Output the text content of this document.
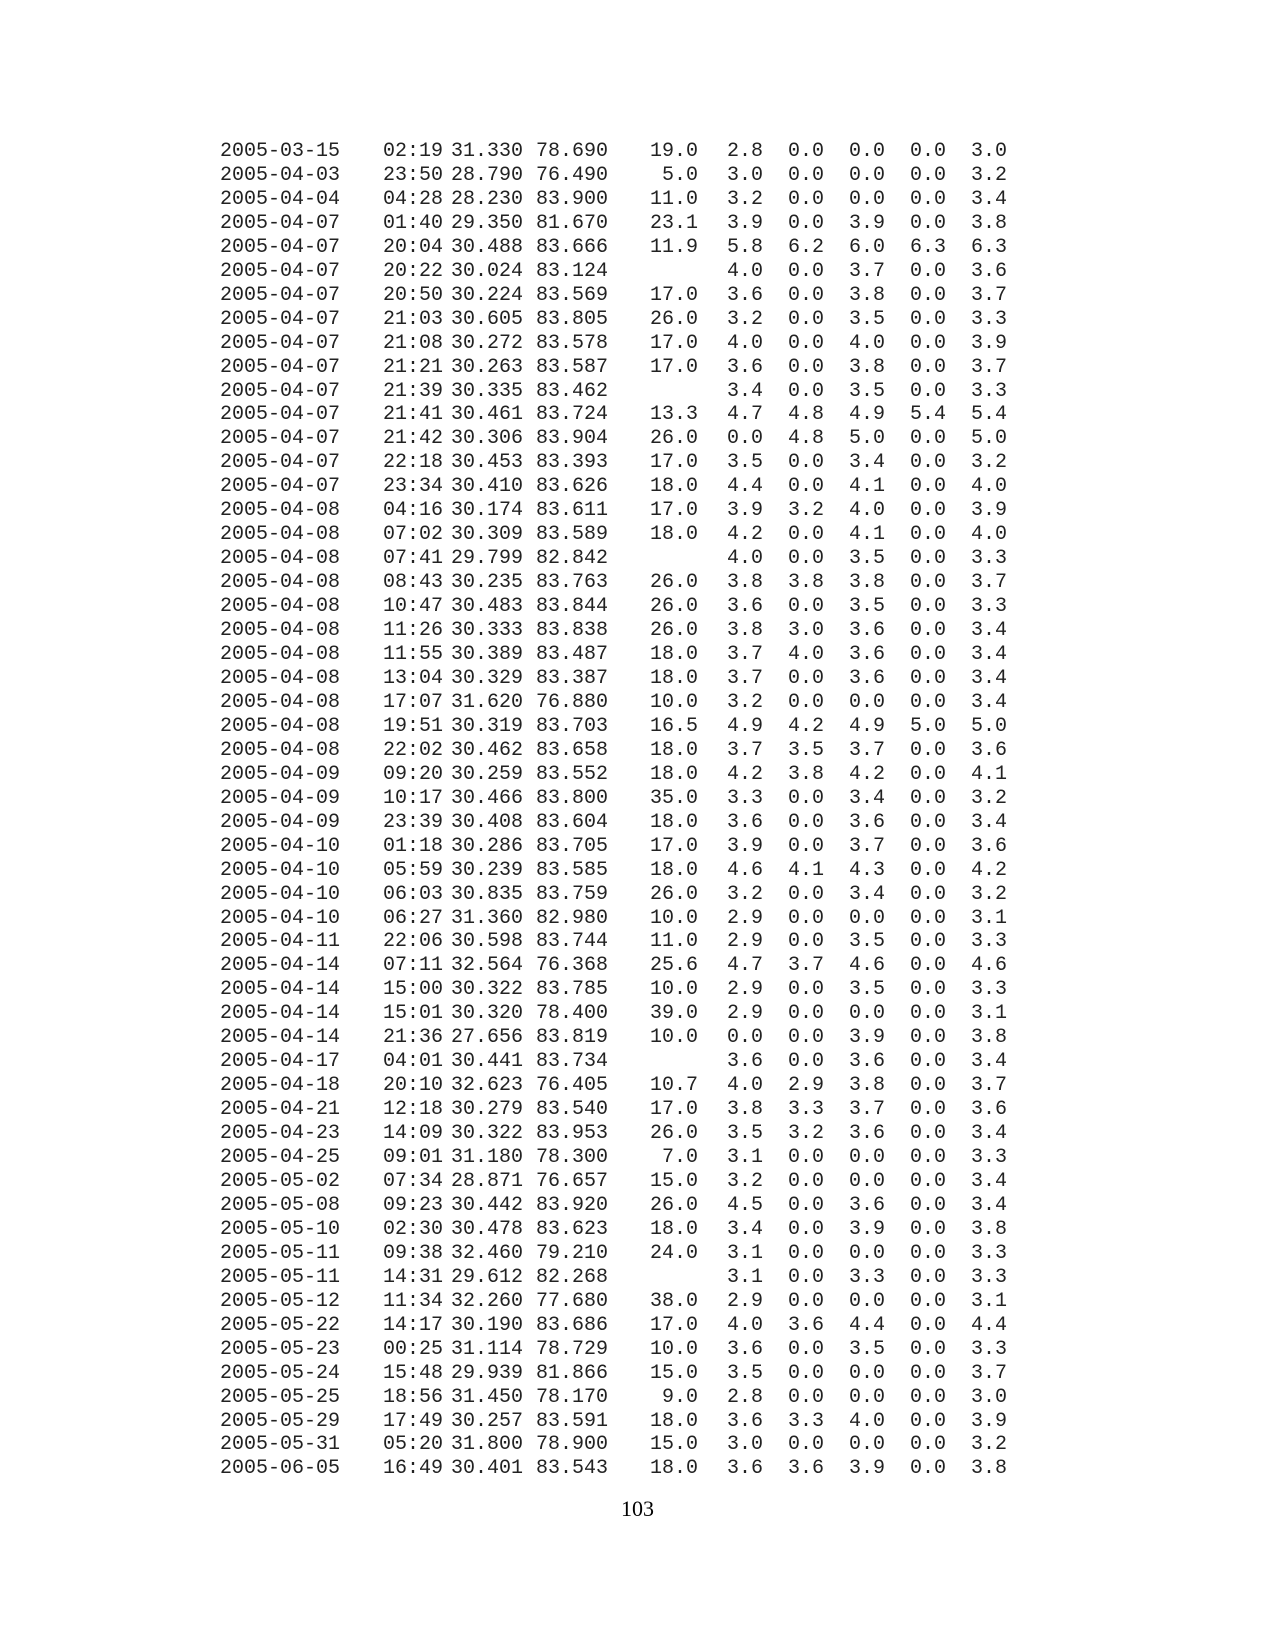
2005-03-15	02:19	31.330	78.690	19.0	2.8	0.0	0.0	0.0	3.0
2005-04-03	23:50	28.790	76.490	5.0	3.0	0.0	0.0	0.0	3.2
2005-04-04	04:28	28.230	83.900	11.0	3.2	0.0	0.0	0.0	3.4
2005-04-07	01:40	29.350	81.670	23.1	3.9	0.0	3.9	0.0	3.8
2005-04-07	20:04	30.488	83.666	11.9	5.8	6.2	6.0	6.3	6.3
2005-04-07	20:22	30.024	83.124		4.0	0.0	3.7	0.0	3.6
2005-04-07	20:50	30.224	83.569	17.0	3.6	0.0	3.8	0.0	3.7
2005-04-07	21:03	30.605	83.805	26.0	3.2	0.0	3.5	0.0	3.3
2005-04-07	21:08	30.272	83.578	17.0	4.0	0.0	4.0	0.0	3.9
2005-04-07	21:21	30.263	83.587	17.0	3.6	0.0	3.8	0.0	3.7
2005-04-07	21:39	30.335	83.462		3.4	0.0	3.5	0.0	3.3
2005-04-07	21:41	30.461	83.724	13.3	4.7	4.8	4.9	5.4	5.4
2005-04-07	21:42	30.306	83.904	26.0	0.0	4.8	5.0	0.0	5.0
2005-04-07	22:18	30.453	83.393	17.0	3.5	0.0	3.4	0.0	3.2
2005-04-07	23:34	30.410	83.626	18.0	4.4	0.0	4.1	0.0	4.0
2005-04-08	04:16	30.174	83.611	17.0	3.9	3.2	4.0	0.0	3.9
2005-04-08	07:02	30.309	83.589	18.0	4.2	0.0	4.1	0.0	4.0
2005-04-08	07:41	29.799	82.842		4.0	0.0	3.5	0.0	3.3
2005-04-08	08:43	30.235	83.763	26.0	3.8	3.8	3.8	0.0	3.7
2005-04-08	10:47	30.483	83.844	26.0	3.6	0.0	3.5	0.0	3.3
2005-04-08	11:26	30.333	83.838	26.0	3.8	3.0	3.6	0.0	3.4
2005-04-08	11:55	30.389	83.487	18.0	3.7	4.0	3.6	0.0	3.4
2005-04-08	13:04	30.329	83.387	18.0	3.7	0.0	3.6	0.0	3.4
2005-04-08	17:07	31.620	76.880	10.0	3.2	0.0	0.0	0.0	3.4
2005-04-08	19:51	30.319	83.703	16.5	4.9	4.2	4.9	5.0	5.0
2005-04-08	22:02	30.462	83.658	18.0	3.7	3.5	3.7	0.0	3.6
2005-04-09	09:20	30.259	83.552	18.0	4.2	3.8	4.2	0.0	4.1
2005-04-09	10:17	30.466	83.800	35.0	3.3	0.0	3.4	0.0	3.2
2005-04-09	23:39	30.408	83.604	18.0	3.6	0.0	3.6	0.0	3.4
2005-04-10	01:18	30.286	83.705	17.0	3.9	0.0	3.7	0.0	3.6
2005-04-10	05:59	30.239	83.585	18.0	4.6	4.1	4.3	0.0	4.2
2005-04-10	06:03	30.835	83.759	26.0	3.2	0.0	3.4	0.0	3.2
2005-04-10	06:27	31.360	82.980	10.0	2.9	0.0	0.0	0.0	3.1
2005-04-11	22:06	30.598	83.744	11.0	2.9	0.0	3.5	0.0	3.3
2005-04-14	07:11	32.564	76.368	25.6	4.7	3.7	4.6	0.0	4.6
2005-04-14	15:00	30.322	83.785	10.0	2.9	0.0	3.5	0.0	3.3
2005-04-14	15:01	30.320	78.400	39.0	2.9	0.0	0.0	0.0	3.1
2005-04-14	21:36	27.656	83.819	10.0	0.0	0.0	3.9	0.0	3.8
2005-04-17	04:01	30.441	83.734		3.6	0.0	3.6	0.0	3.4
2005-04-18	20:10	32.623	76.405	10.7	4.0	2.9	3.8	0.0	3.7
2005-04-21	12:18	30.279	83.540	17.0	3.8	3.3	3.7	0.0	3.6
2005-04-23	14:09	30.322	83.953	26.0	3.5	3.2	3.6	0.0	3.4
2005-04-25	09:01	31.180	78.300	7.0	3.1	0.0	0.0	0.0	3.3
2005-05-02	07:34	28.871	76.657	15.0	3.2	0.0	0.0	0.0	3.4
2005-05-08	09:23	30.442	83.920	26.0	4.5	0.0	3.6	0.0	3.4
2005-05-10	02:30	30.478	83.623	18.0	3.4	0.0	3.9	0.0	3.8
2005-05-11	09:38	32.460	79.210	24.0	3.1	0.0	0.0	0.0	3.3
2005-05-11	14:31	29.612	82.268		3.1	0.0	3.3	0.0	3.3
2005-05-12	11:34	32.260	77.680	38.0	2.9	0.0	0.0	0.0	3.1
2005-05-22	14:17	30.190	83.686	17.0	4.0	3.6	4.4	0.0	4.4
2005-05-23	00:25	31.114	78.729	10.0	3.6	0.0	3.5	0.0	3.3
2005-05-24	15:48	29.939	81.866	15.0	3.5	0.0	0.0	0.0	3.7
2005-05-25	18:56	31.450	78.170	9.0	2.8	0.0	0.0	0.0	3.0
2005-05-29	17:49	30.257	83.591	18.0	3.6	3.3	4.0	0.0	3.9
2005-05-31	05:20	31.800	78.900	15.0	3.0	0.0	0.0	0.0	3.2
2005-06-05	16:49	30.401	83.543	18.0	3.6	3.6	3.9	0.0	3.8
103
